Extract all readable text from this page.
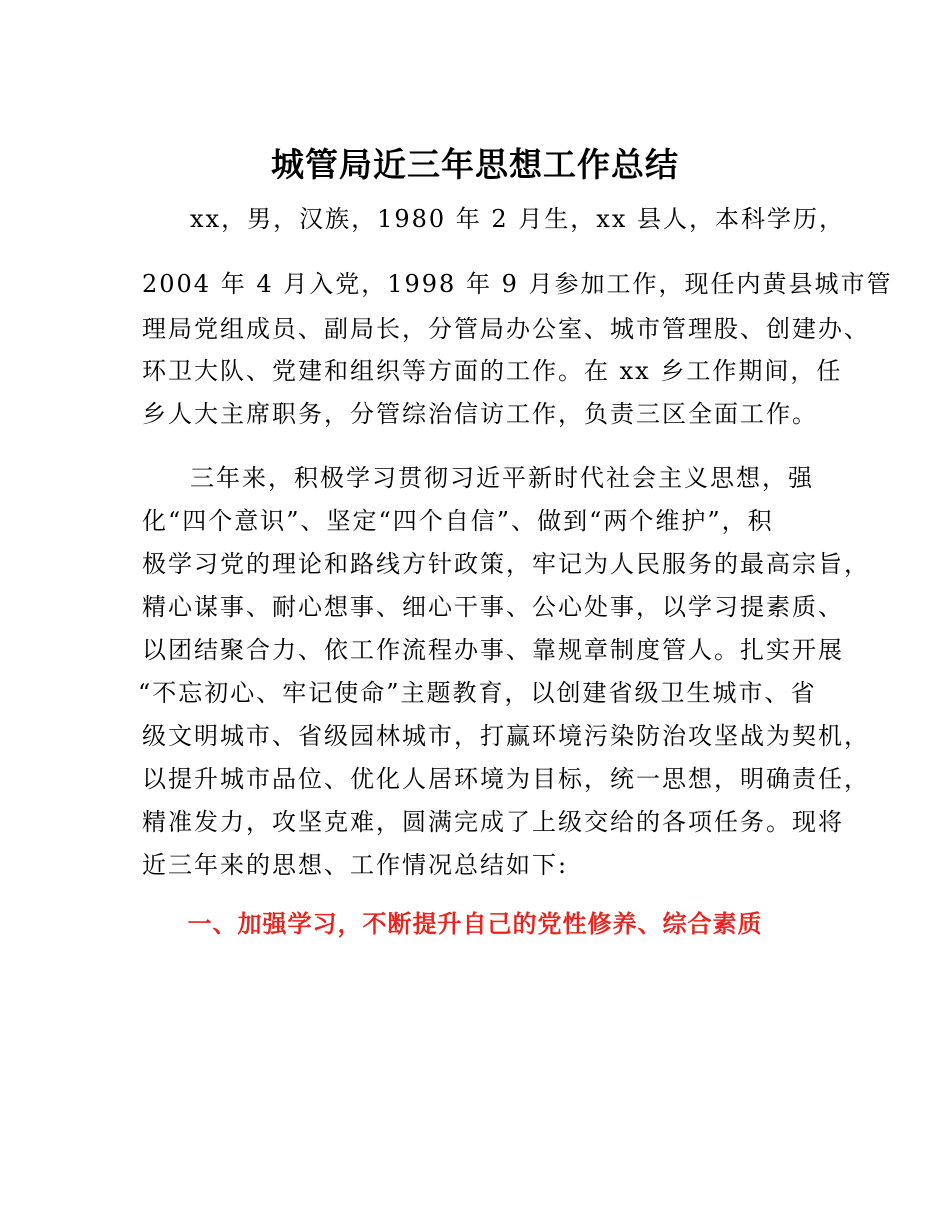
城管局近三年思想工作总结
xx，男，汉族，1980 年 2 月生，xx 县人，本科学历，
2004 年 4 月入党，1998 年 9 月参加工作，现任内黄县城市管
理局党组成员、副局长，分管局办公室、城市管理股、创建办、
环卫大队、党建和组织等方面的工作。在 xx 乡工作期间，任
乡人大主席职务，分管综治信访工作，负责三区全面工作。
三年来，积极学习贯彻习近平新时代社会主义思想，强
化“四个意识”、坚定“四个自信”、做到“两个维护”，积
极学习党的理论和路线方针政策，牢记为人民服务的最高宗旨，
精心谋事、耐心想事、细心干事、公心处事，以学习提素质、
以团结聚合力、依工作流程办事、靠规章制度管人。扎实开展
“不忘初心、牢记使命”主题教育，以创建省级卫生城市、省
级文明城市、省级园林城市，打赢环境污染防治攻坚战为契机，
以提升城市品位、优化人居环境为目标，统一思想，明确责任，
精准发力，攻坚克难，圆满完成了上级交给的各项任务。现将
近三年来的思想、工作情况总结如下:
一、加强学习，不断提升自己的党性修养、综合素质
